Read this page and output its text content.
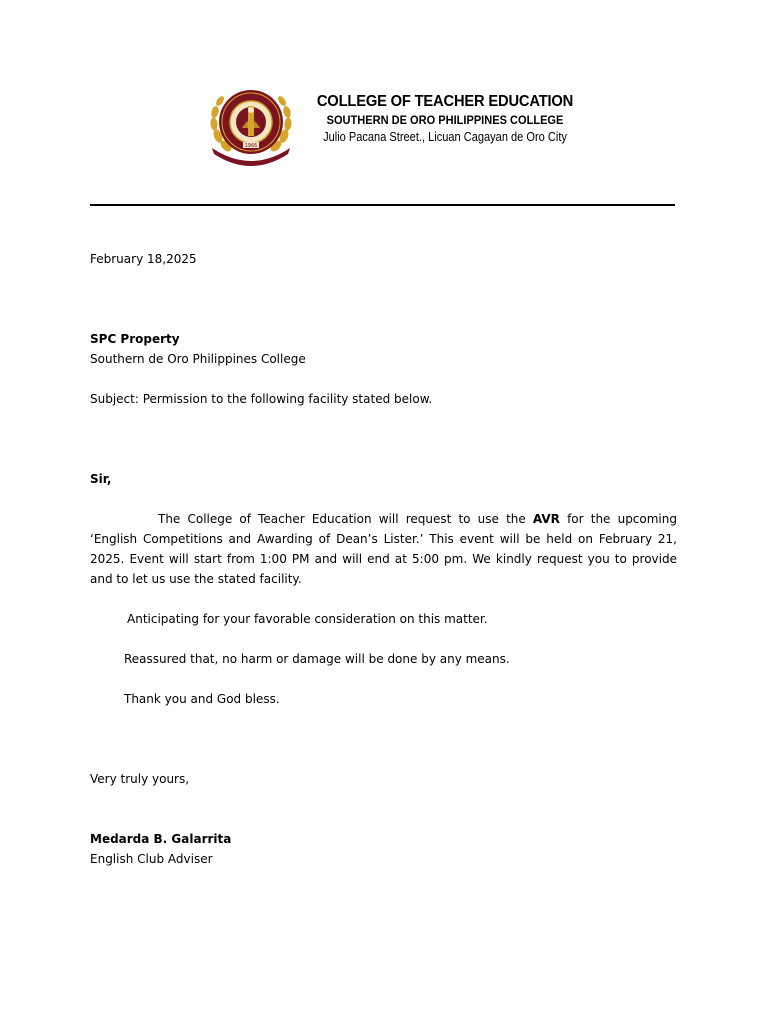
1966
COLLEGE OF TEACHER EDUCATION
SOUTHERN DE ORO PHILIPPINES COLLEGE
Julio Pacana Street., Licuan Cagayan de Oro City
February 18,2025
SPC Property
Southern de Oro Philippines College
Subject: Permission to the following facility stated below.
Sir,
The College of Teacher Education will request to use the AVR for the upcoming ‘English Competitions and Awarding of Dean’s Lister.’ This event will be held on February 21, 2025. Event will start from 1:00 PM and will end at 5:00 pm. We kindly request you to provide and to let us use the stated facility.
Anticipating for your favorable consideration on this matter.
Reassured that, no harm or damage will be done by any means.
Thank you and God bless.
Very truly yours,
Medarda B. Galarrita
English Club Adviser
